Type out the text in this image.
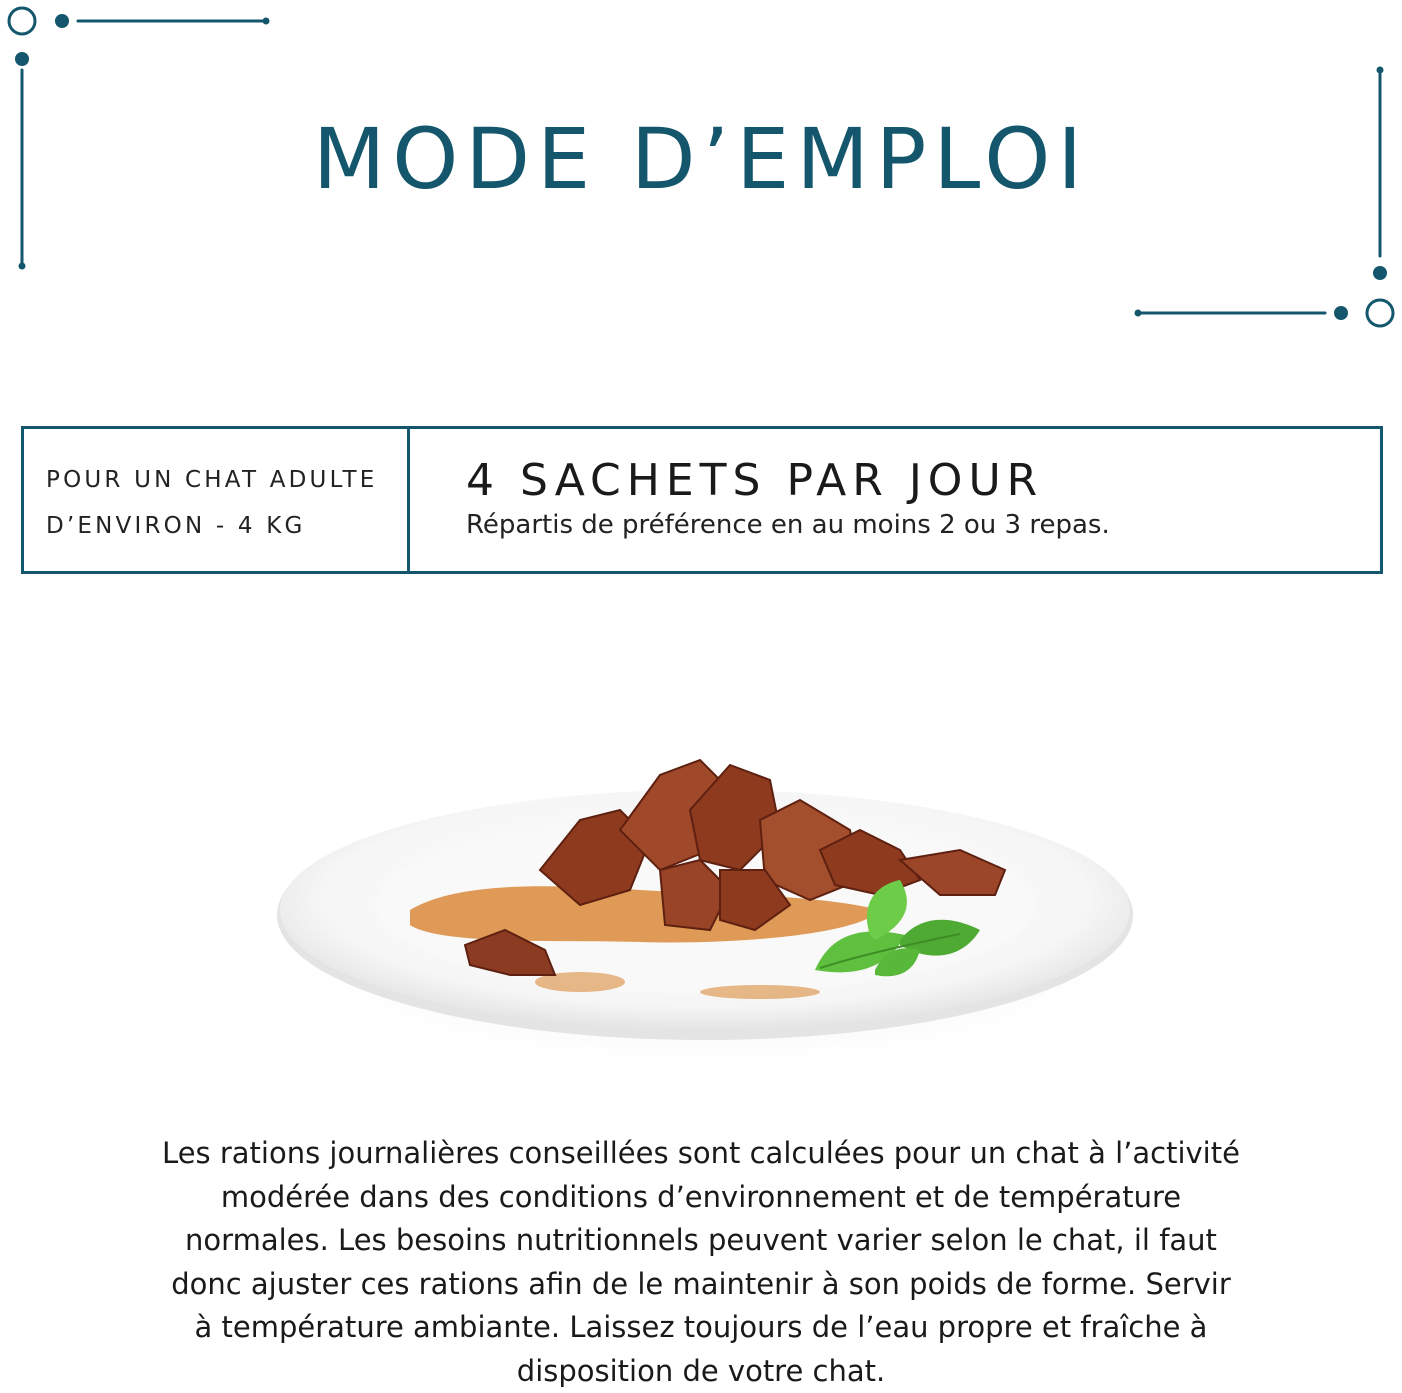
MODE D’EMPLOI
POUR UN CHAT ADULTE
D’ENVIRON - 4 KG
4 SACHETS PAR JOUR
Répartis de préférence en au moins 2 ou 3 repas.

Les rations journalières conseillées sont calculées pour un chat à l’activité
modérée dans des conditions d’environnement et de température
normales. Les besoins nutritionnels peuvent varier selon le chat, il faut
donc ajuster ces rations afin de le maintenir à son poids de forme. Servir
à température ambiante. Laissez toujours de l’eau propre et fraîche à
disposition de votre chat.
